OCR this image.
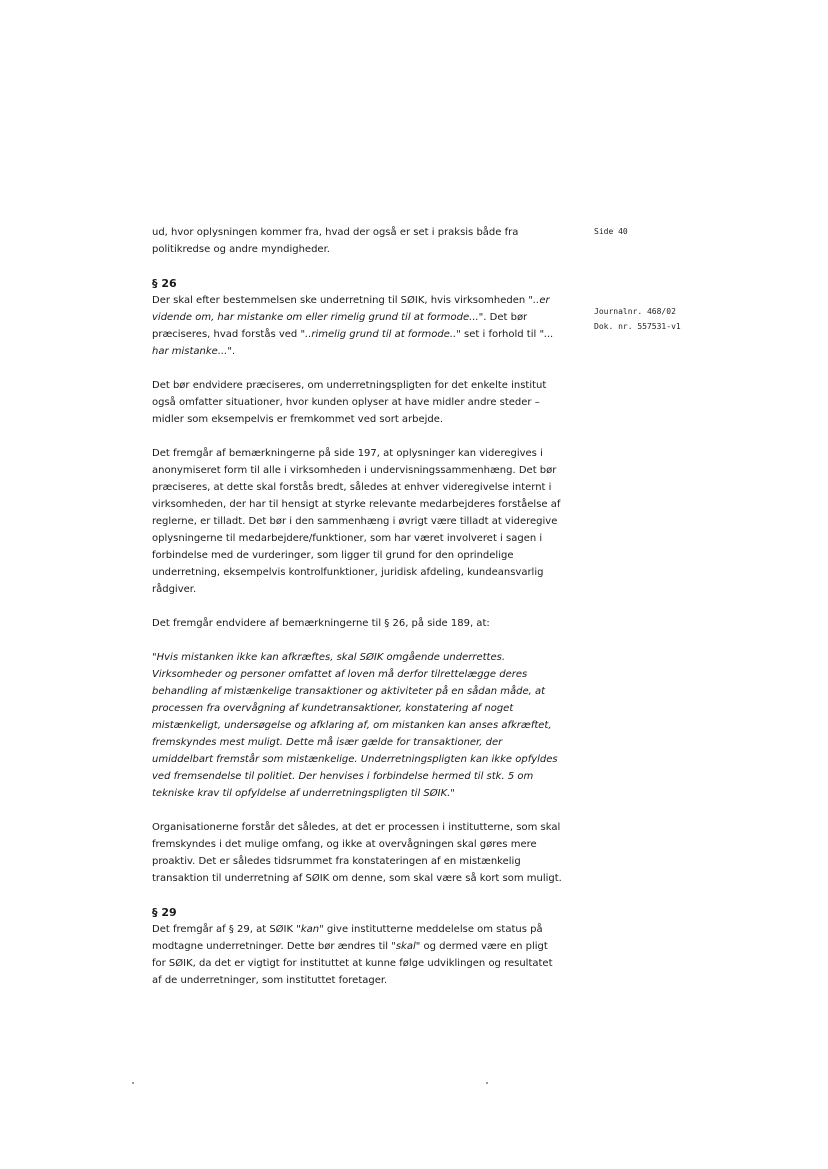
Side 40
Journalnr. 468/02
Dok. nr. 557531-v1

ud, hvor oplysningen kommer fra, hvad der også er set i praksis både fra politikredse og andre myndigheder.

§ 26

Der skal efter bestemmelsen ske underretning til SØIK, hvis virksomheden "..er vidende om, har mistanke om eller rimelig grund til at formode...". Det bør præciseres, hvad forstås ved "..rimelig grund til at formode.." set i forhold til "... har mistanke...".

Det bør endvidere præciseres, om underretningspligten for det enkelte institut også omfatter situationer, hvor kunden oplyser at have midler andre steder – midler som eksempelvis er fremkommet ved sort arbejde.

Det fremgår af bemærkningerne på side 197, at oplysninger kan videregives i anonymiseret form til alle i virksomheden i undervisningssammenhæng. Det bør præciseres, at dette skal forstås bredt, således at enhver videregivelse internt i virksomheden, der har til hensigt at styrke relevante medarbejderes forståelse af reglerne, er tilladt. Det bør i den sammenhæng i øvrigt være tilladt at videregive oplysningerne til medarbejdere/funktioner, som har været involveret i sagen i forbindelse med de vurderinger, som ligger til grund for den oprindelige underretning, eksempelvis kontrolfunktioner, juridisk afdeling, kundeansvarlig rådgiver.

Det fremgår endvidere af bemærkningerne til § 26, på side 189, at:

"Hvis mistanken ikke kan afkræftes, skal SØIK omgående underrettes. Virksomheder og personer omfattet af loven må derfor tilrettelægge deres behandling af mistænkelige transaktioner og aktiviteter på en sådan måde, at processen fra overvågning af kundetransaktioner, konstatering af noget mistænkeligt, undersøgelse og afklaring af, om mistanken kan anses afkræftet, fremskyndes mest muligt. Dette må især gælde for transaktioner, der umiddelbart fremstår som mistænkelige. Underretningspligten kan ikke opfyldes ved fremsendelse til politiet. Der henvises i forbindelse hermed til stk. 5 om tekniske krav til opfyldelse af underretningspligten til SØIK."

Organisationerne forstår det således, at det er processen i institutterne, som skal fremskyndes i det mulige omfang, og ikke at overvågningen skal gøres mere proaktiv. Det er således tidsrummet fra konstateringen af en mistænkelig transaktion til underretning af SØIK om denne, som skal være så kort som muligt.

§ 29

Det fremgår af § 29, at SØIK "kan" give institutterne meddelelse om status på modtagne underretninger. Dette bør ændres til "skal" og dermed være en pligt for SØIK, da det er vigtigt for instituttet at kunne følge udviklingen og resultatet af de underretninger, som instituttet foretager.
